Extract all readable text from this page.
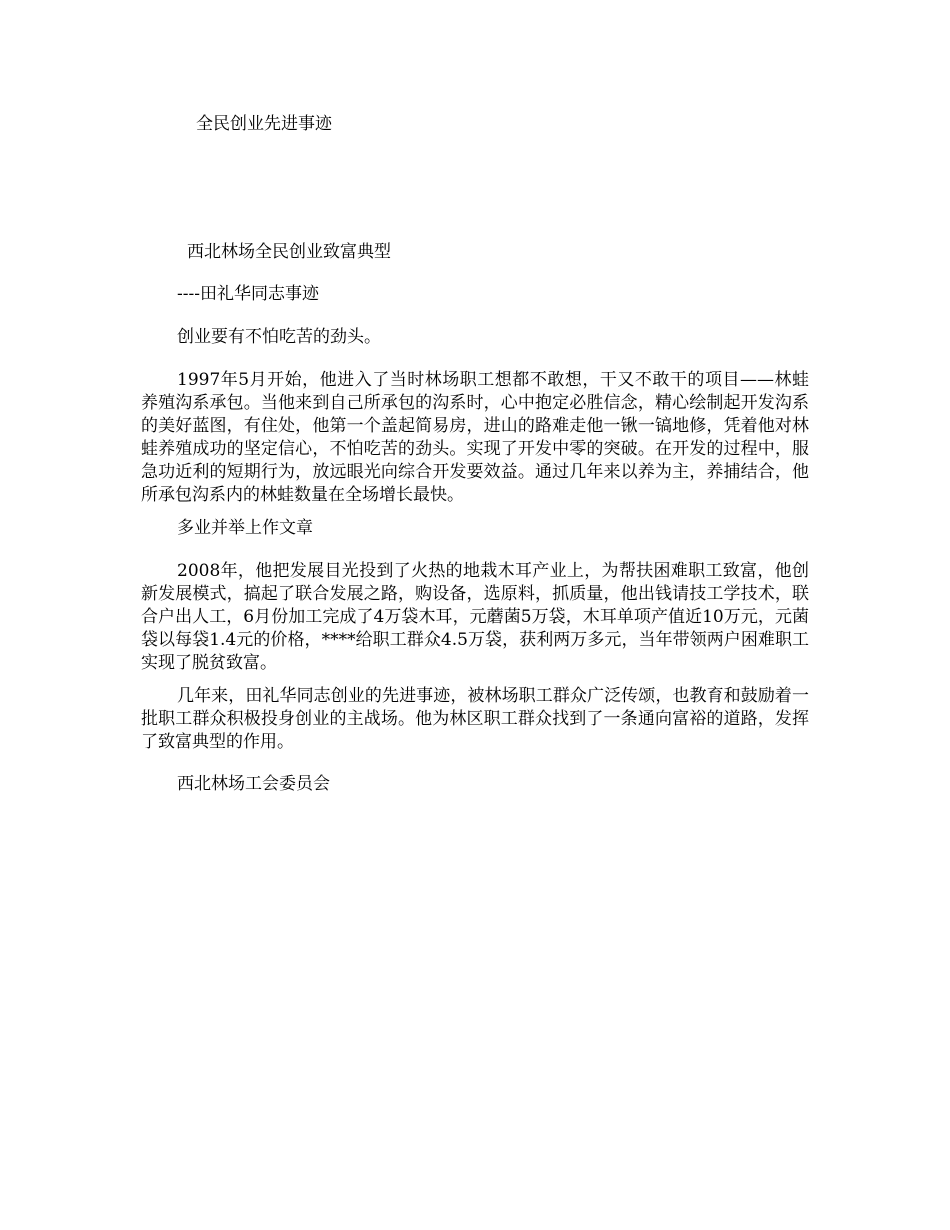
全民创业先进事迹
西北林场全民创业致富典型
----田礼华同志事迹
创业要有不怕吃苦的劲头。
1997年5月开始，他进入了当时林场职工想都不敢想，干又不敢干的项目——林蛙养殖沟系承包。当他来到自己所承包的沟系时，心中抱定必胜信念，精心绘制起开发沟系的美好蓝图，有住处，他第一个盖起简易房，进山的路难走他一锹一镐地修，凭着他对林蛙养殖成功的坚定信心，不怕吃苦的劲头。实现了开发中零的突破。在开发的过程中，服急功近利的短期行为，放远眼光向综合开发要效益。通过几年来以养为主，养捕结合，他所承包沟系内的林蛙数量在全场增长最快。
多业并举上作文章
2008年，他把发展目光投到了火热的地栽木耳产业上，为帮扶困难职工致富，他创新发展模式，搞起了联合发展之路，购设备，选原料，抓质量，他出钱请技工学技术，联合户出人工，6月份加工完成了4万袋木耳，元蘑菌5万袋，木耳单项产值近10万元，元菌袋以每袋1.4元的价格，****给职工群众4.5万袋，获利两万多元，当年带领两户困难职工实现了脱贫致富。
几年来，田礼华同志创业的先进事迹，被林场职工群众广泛传颂，也教育和鼓励着一批职工群众积极投身创业的主战场。他为林区职工群众找到了一条通向富裕的道路，发挥了致富典型的作用。
西北林场工会委员会
